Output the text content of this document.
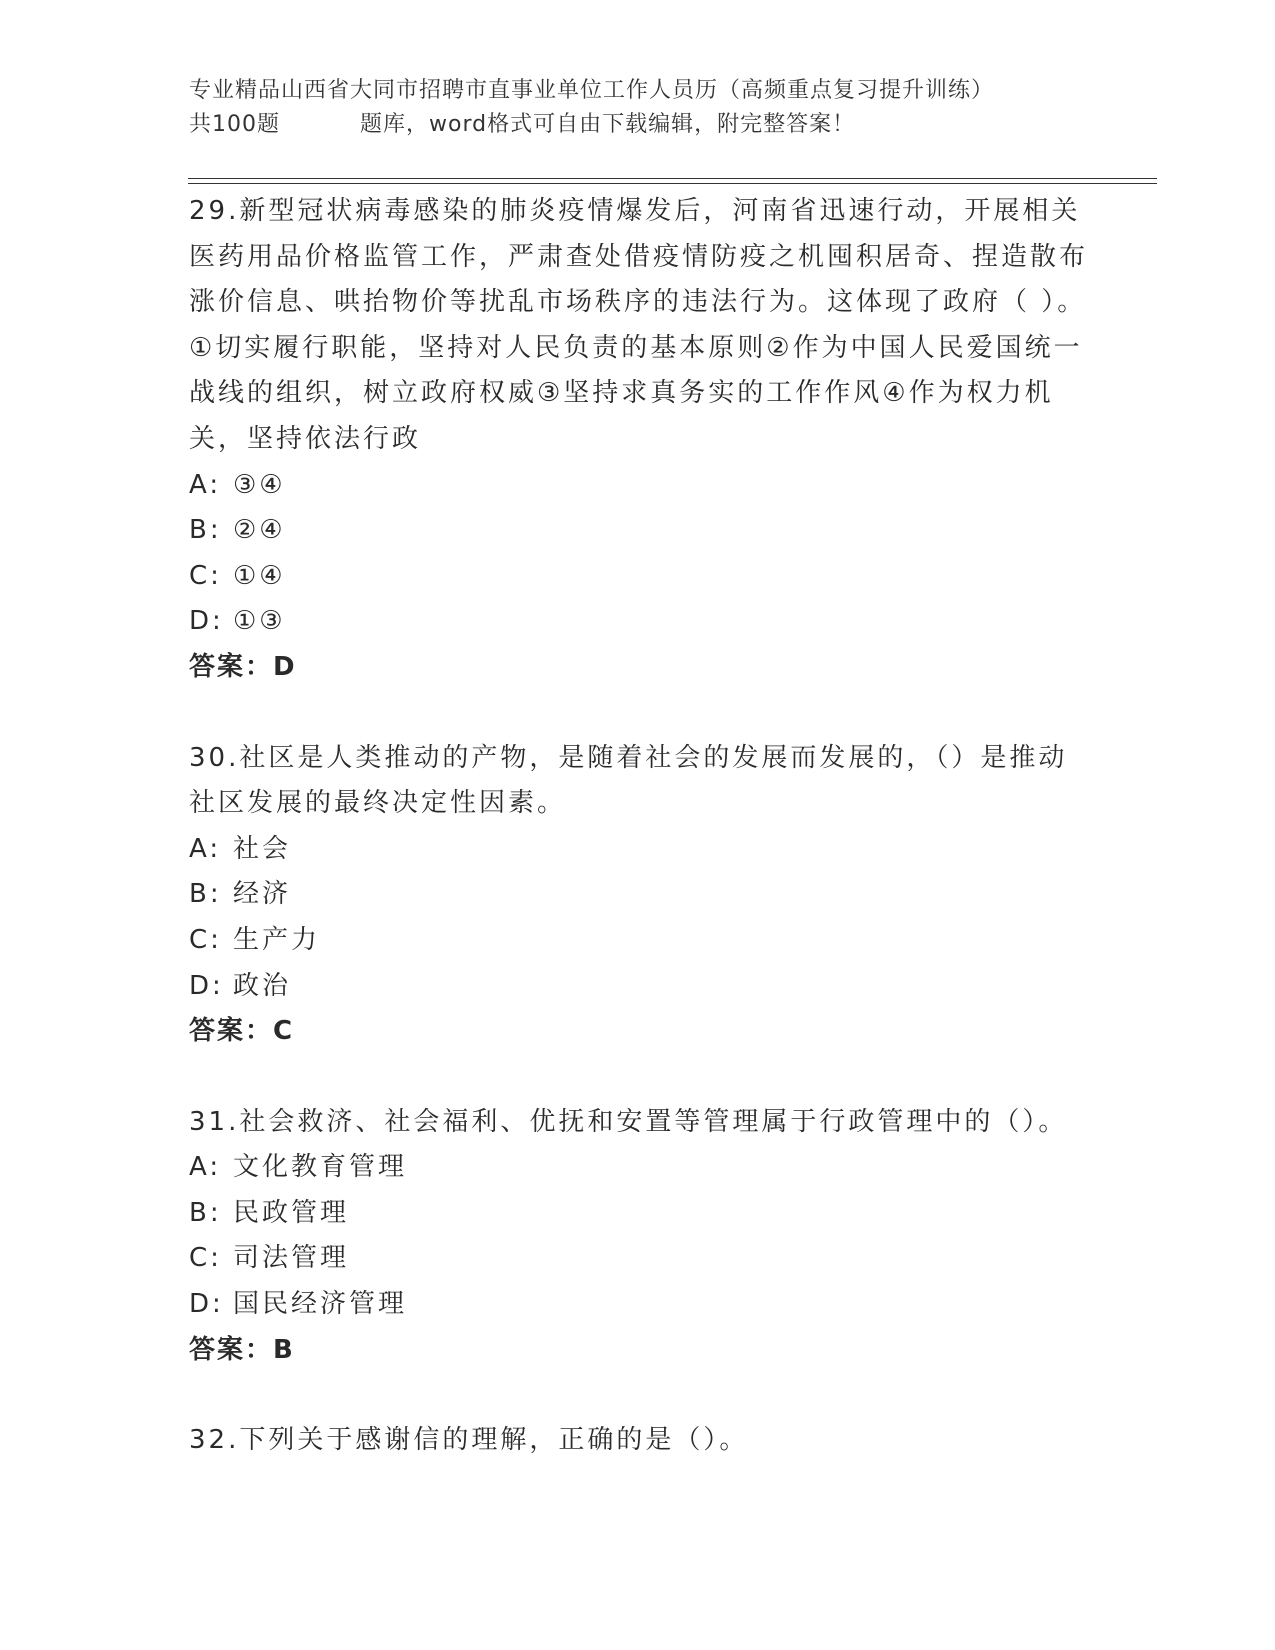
专业精品山西省大同市招聘市直事业单位工作人员历（高频重点复习提升训练）
共100题	题库，word格式可自由下载编辑，附完整答案！

29.新型冠状病毒感染的肺炎疫情爆发后，河南省迅速行动，开展相关医药用品价格监管工作，严肃查处借疫情防疫之机囤积居奇、捏造散布涨价信息、哄抬物价等扰乱市场秩序的违法行为。这体现了政府（ ）。①切实履行职能，坚持对人民负责的基本原则②作为中国人民爱国统一战线的组织，树立政府权威③坚持求真务实的工作作风④作为权力机关，坚持依法行政

A: ③④

B: ②④

C: ①④

D: ①③

答案：D

30.社区是人类推动的产物，是随着社会的发展而发展的，（）是推动社区发展的最终决定性因素。

A: 社会

B: 经济

C: 生产力

D: 政治

答案：C

31.社会救济、社会福利、优抚和安置等管理属于行政管理中的（）。

A: 文化教育管理

B: 民政管理

C: 司法管理

D: 国民经济管理

答案：B

32.下列关于感谢信的理解，正确的是（）。
